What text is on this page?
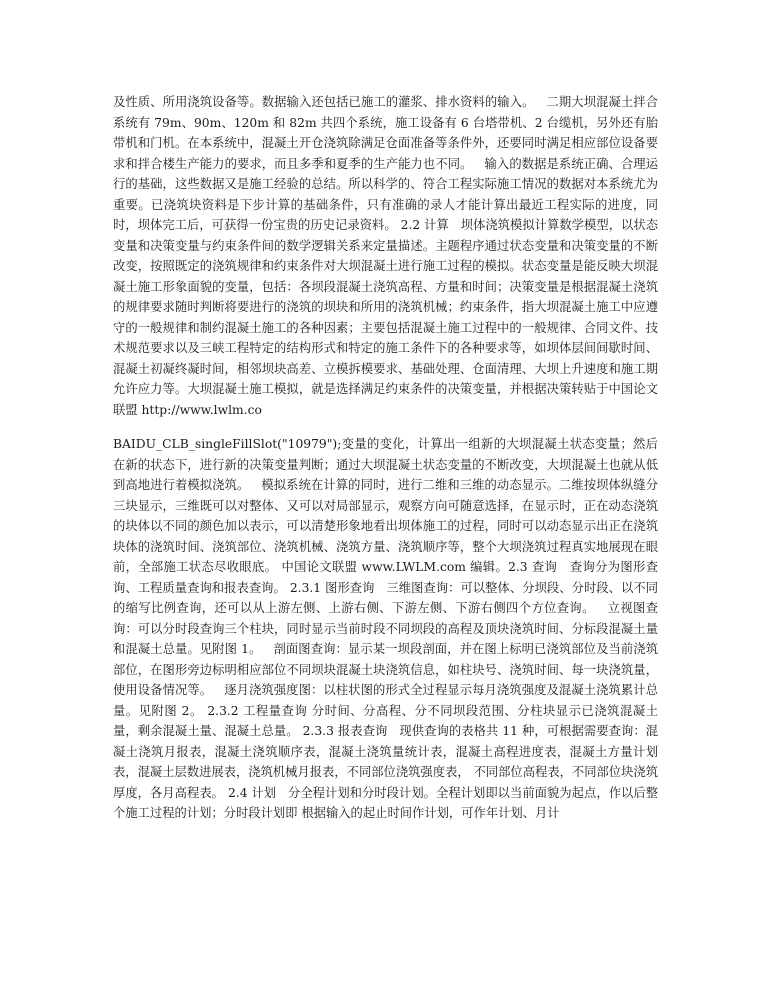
及性质、所用浇筑设备等。数据输入还包括已施工的灌浆、排水资料的输入。   二期大坝混凝土拌合系统有 79m、90m、120m 和 82m 共四个系统，施工设备有 6 台塔带机、2 台缆机，另外还有胎带机和门机。在本系统中，混凝土开仓浇筑除满足仓面准备等条件外，还要同时满足相应部位设备要求和拌合楼生产能力的要求，而且多季和夏季的生产能力也不同。   输入的数据是系统正确、合理运行的基础，这些数据又是施工经验的总结。所以科学的、符合工程实际施工情况的数据对本系统尤为重要。已浇筑块资料是下步计算的基础条件，只有准确的录人才能计算出最近工程实际的进度，同时，坝体完工后，可获得一份宝贵的历史记录资料。 2.2 计算   坝体浇筑模拟计算数学模型，以状态变量和决策变量与约束条件间的数学逻辑关系来定量描述。主题程序通过状态变量和决策变量的不断改变，按照既定的浇筑规律和约束条件对大坝混凝土进行施工过程的模拟。状态变量是能反映大坝混凝土施工形象面貌的变量，包括：各坝段混凝土浇筑高程、方量和时间；决策变量是根据混凝土浇筑的规律要求随时判断将要进行的浇筑的坝块和所用的浇筑机械；约束条件，指大坝混凝土施工中应遵守的一般规律和制约混凝土施工的各种因素；主要包括混凝土施工过程中的一般规律、合同文件、技术规范要求以及三峡工程特定的结构形式和特定的施工条件下的各种要求等，如坝体层间间歇时间、混凝土初凝终凝时间，相邻坝块高差、立模拆模要求、基础处理、仓面清理、大坝上升速度和施工期允许应力等。大坝混凝土施工模拟，就是选择满足约束条件的决策变量，并根据决策转贴于中国论文联盟 http://www.lwlm.co

BAIDU_CLB_singleFillSlot("10979");变量的变化，计算出一组新的大坝混凝土状态变量；然后在新的状态下，进行新的决策变量判断；通过大坝混凝土状态变量的不断改变，大坝混凝土也就从低到高地进行着模拟浇筑。   模拟系统在计算的同时，进行二维和三维的动态显示。二维按坝体纵缝分三块显示，三维既可以对整体、又可以对局部显示，观察方向可随意选择，在显示时，正在动态浇筑的块体以不同的颜色加以表示，可以清楚形象地看出坝体施工的过程，同时可以动态显示出正在浇筑块体的浇筑时间、浇筑部位、浇筑机械、浇筑方量、浇筑顺序等，整个大坝浇筑过程真实地展现在眼前，全部施工状态尽收眼底。 中国论文联盟 www.LWLM.com 编辑。2.3 查询   查询分为图形查询、工程质量查询和报表查询。 2.3.1 图形查询   三维图查询：可以整体、分坝段、分时段、以不同的缩写比例查询，还可以从上游左侧、上游右侧、下游左侧、下游右侧四个方位查询。   立视图查询：可以分时段查询三个柱块，同时显示当前时段不同坝段的高程及顶块浇筑时间、分标段混凝土量和混凝土总量。见附图 1。   剖面图查询：显示某一坝段剖面，并在图上标明已浇筑部位及当前浇筑部位，在图形旁边标明相应部位不同坝块混凝土块浇筑信息，如柱块号、浇筑时间、每一块浇筑量，使用设备情况等。   逐月浇筑强度图：以柱状图的形式全过程显示每月浇筑强度及混凝土浇筑累计总量。见附图 2。 2.3.2 工程量查询 分时间、分高程、分不同坝段范围、分柱块显示已浇筑混凝土量，剩余混凝土量、混凝土总量。 2.3.3 报表查询   现供查询的表格共 11 种，可根据需要查询：混凝土浇筑月报表，混凝土浇筑顺序表，混凝土浇筑量统计表，混凝土高程进度表，混凝土方量计划表，混凝土层数进展表，浇筑机械月报表，不同部位浇筑强度表， 不同部位高程表，不同部位块浇筑厚度，各月高程表。 2.4 计划   分全程计划和分时段计划。全程计划即以当前面貌为起点，作以后整个施工过程的计划；分时段计划即 根据输入的起止时间作计划，可作年计划、月计
